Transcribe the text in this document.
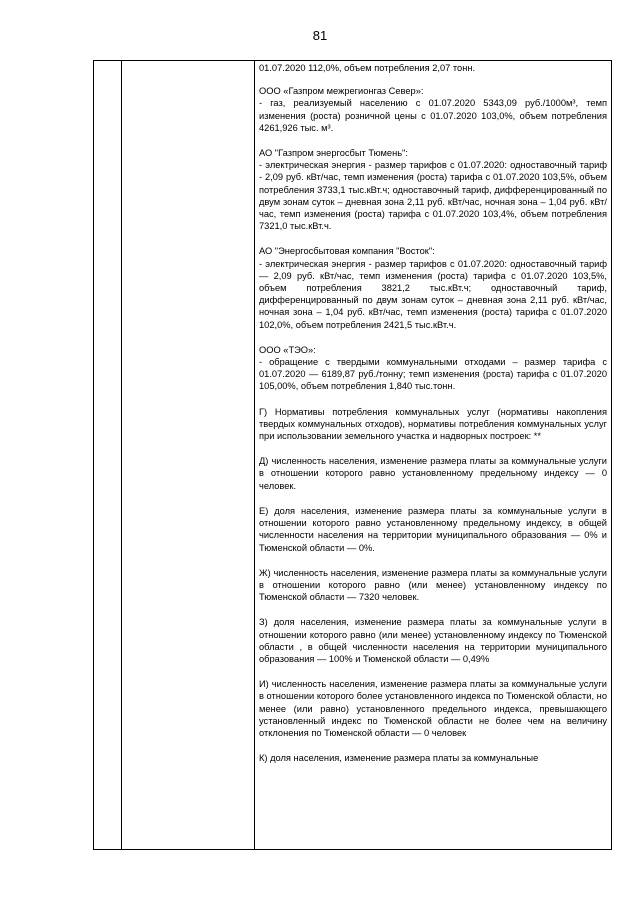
81

01.07.2020 112,0%, объем потребления 2,07 тонн.

ООО «Газпром межрегионгаз Север»:

- газ, реализуемый населению с 01.07.2020 5343,09 руб./1000м³, темп изменения (роста) розничной цены с 01.07.2020 103,0%, объем потребления 4261,926 тыс. м³.

АО "Газпром энергосбыт Тюмень":

- электрическая энергия - размер тарифов с 01.07.2020: одноставочный тариф - 2,09 руб. кВт/час, темп изменения (роста) тарифа с 01.07.2020 103,5%, объем потребления 3733,1 тыс.кВт.ч; одноставочный тариф, дифференцированный по двум зонам суток – дневная зона 2,11 руб. кВт/час, ночная зона – 1,04 руб. кВт/час, темп изменения (роста) тарифа с 01.07.2020 103,4%, объем потребления 7321,0 тыс.кВт.ч.

АО "Энергосбытовая компания "Восток":

- электрическая энергия - размер тарифов с 01.07.2020: одноставочный тариф — 2,09 руб. кВт/час, темп изменения (роста) тарифа с 01.07.2020 103,5%, объем потребления 3821,2 тыс.кВт.ч; одноставочный тариф, дифференцированный по двум зонам суток – дневная зона 2,11 руб. кВт/час, ночная зона – 1,04 руб. кВт/час, темп изменения (роста) тарифа с 01.07.2020 102,0%, объем потребления 2421,5 тыс.кВт.ч.

ООО «ТЭО»:

- обращение с твердыми коммунальными отходами – размер тарифа с 01.07.2020 — 6189,87 руб./тонну; темп изменения (роста) тарифа с 01.07.2020 105,00%, объем потребления 1,840 тыс.тонн.

Г) Нормативы потребления коммунальных услуг (нормативы накопления твердых коммунальных отходов), нормативы потребления коммунальных услуг при использовании земельного участка и надворных построек: **

Д) численность населения, изменение размера платы за коммунальные услуги в отношении которого равно установленному предельному индексу — 0 человек.

Е) доля населения, изменение размера платы за коммунальные услуги в отношении которого равно установленному предельному индексу, в общей численности населения на территории муниципального образования — 0% и Тюменской области — 0%.

Ж) численность населения, изменение размера платы за коммунальные услуги в отношении которого равно (или менее) установленному индексу по Тюменской области — 7320 человек.

З) доля населения, изменение размера платы за коммунальные услуги в отношении которого равно (или менее) установленному индексу по Тюменской области , в общей численности населения на территории муниципального образования — 100% и Тюменской области — 0,49%

И) численность населения, изменение размера платы за коммунальные услуги в отношении которого более установленного индекса по Тюменской области, но менее (или равно) установленного предельного индекса, превышающего установленный индекс по Тюменской области не более чем на величину отклонения по Тюменской области — 0 человек

К) доля населения, изменение размера платы за коммунальные
